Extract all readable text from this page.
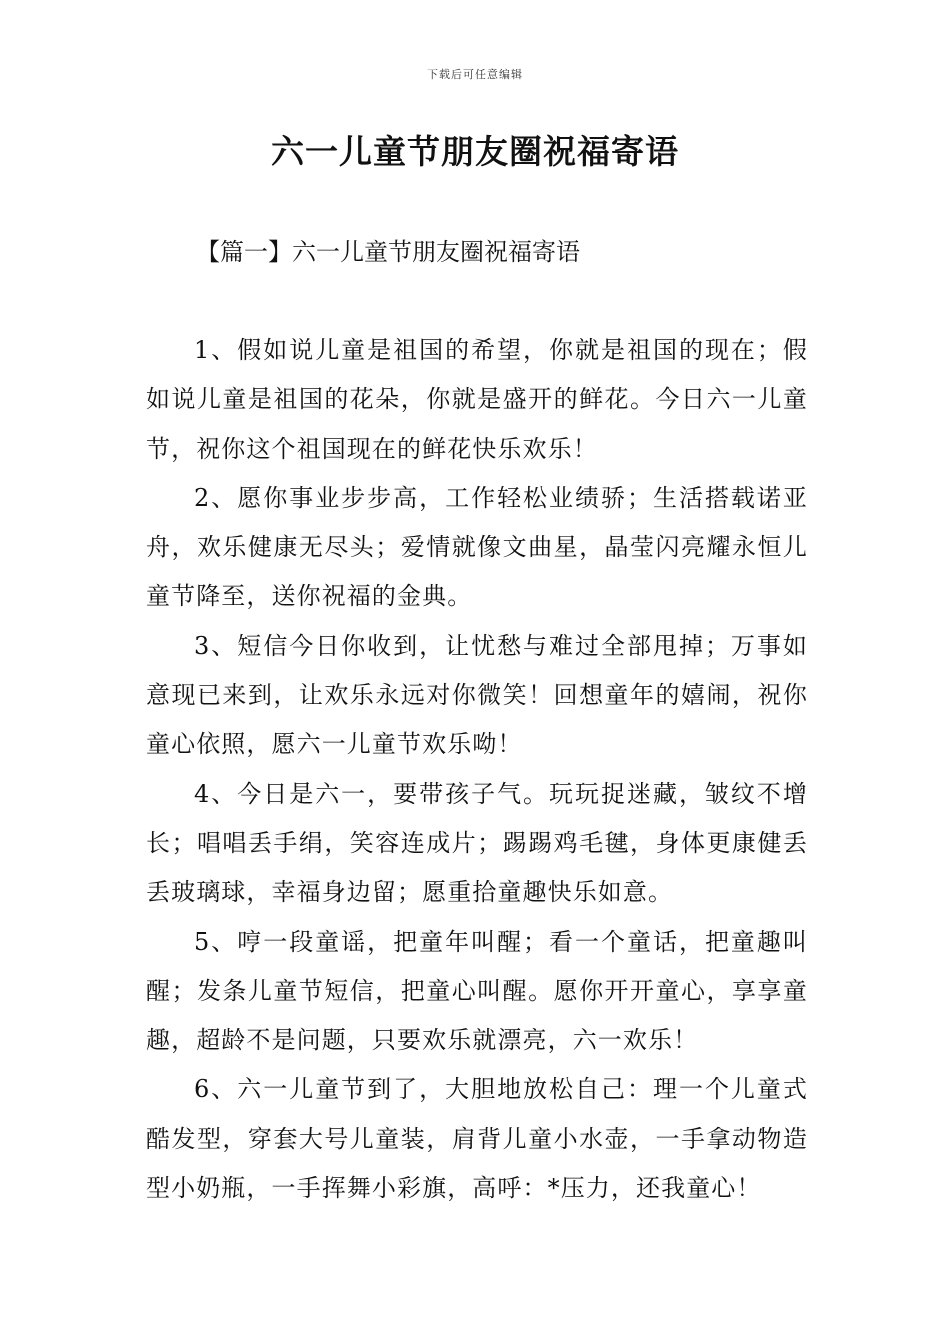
下载后可任意编辑
六一儿童节朋友圈祝福寄语
【篇一】六一儿童节朋友圈祝福寄语

1、假如说儿童是祖国的希望，你就是祖国的现在；假如说儿童是祖国的花朵，你就是盛开的鲜花。今日六一儿童节，祝你这个祖国现在的鲜花快乐欢乐！

2、愿你事业步步高，工作轻松业绩骄；生活搭载诺亚舟，欢乐健康无尽头；爱情就像文曲星，晶莹闪亮耀永恒儿童节降至，送你祝福的金典。

3、短信今日你收到，让忧愁与难过全部甩掉；万事如意现已来到，让欢乐永远对你微笑！回想童年的嬉闹，祝你童心依照，愿六一儿童节欢乐呦！

4、今日是六一，要带孩子气。玩玩捉迷藏，皱纹不增长；唱唱丢手绢，笑容连成片；踢踢鸡毛毽，身体更康健丢丢玻璃球，幸福身边留；愿重拾童趣快乐如意。

5、哼一段童谣，把童年叫醒；看一个童话，把童趣叫醒；发条儿童节短信，把童心叫醒。愿你开开童心，享享童趣，超龄不是问题，只要欢乐就漂亮，六一欢乐！

6、六一儿童节到了，大胆地放松自己：理一个儿童式酷发型，穿套大号儿童装，肩背儿童小水壶，一手拿动物造型小奶瓶，一手挥舞小彩旗，高呼：*压力，还我童心！
